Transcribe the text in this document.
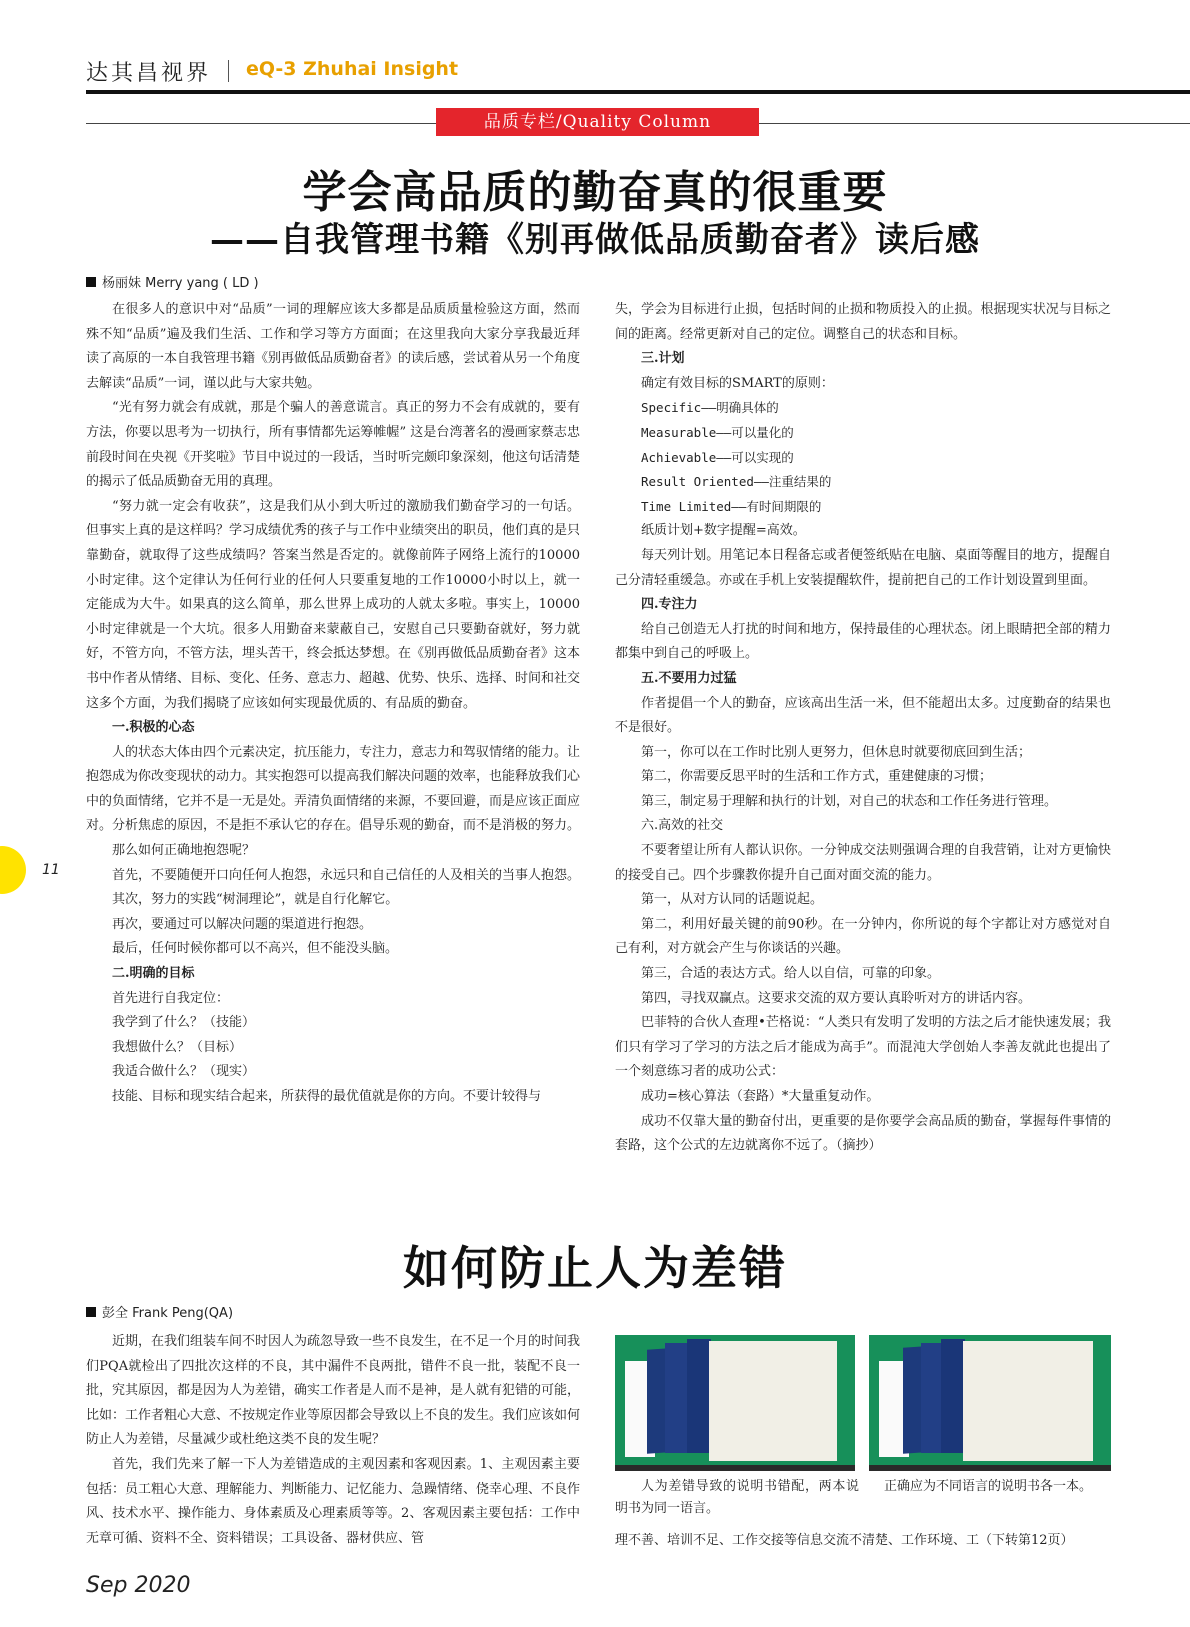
达其昌视界 eQ-3 Zhuhai Insight
品质专栏/Quality Column
学会高品质的勤奋真的很重要
——自我管理书籍《别再做低品质勤奋者》读后感
杨丽妹 Merry yang ( LD )

在很多人的意识中对“品质”一词的理解应该大多都是品质质量检验这方面，然而殊不知“品质”遍及我们生活、工作和学习等方方面面；在这里我向大家分享我最近拜读了高原的一本自我管理书籍《别再做低品质勤奋者》的读后感，尝试着从另一个角度去解读“品质”一词，谨以此与大家共勉。

“光有努力就会有成就，那是个骗人的善意谎言。真正的努力不会有成就的，要有方法，你要以思考为一切执行，所有事情都先运筹帷幄” 这是台湾著名的漫画家蔡志忠前段时间在央视《开奖啦》节目中说过的一段话，当时听完颇印象深刻，他这句话清楚的揭示了低品质勤奋无用的真理。

“努力就一定会有收获”，这是我们从小到大听过的激励我们勤奋学习的一句话。但事实上真的是这样吗？学习成绩优秀的孩子与工作中业绩突出的职员，他们真的是只靠勤奋，就取得了这些成绩吗？答案当然是否定的。就像前阵子网络上流行的10000小时定律。这个定律认为任何行业的任何人只要重复地的工作10000小时以上，就一定能成为大牛。如果真的这么简单，那么世界上成功的人就太多啦。事实上，10000小时定律就是一个大坑。很多人用勤奋来蒙蔽自己，安慰自己只要勤奋就好，努力就好，不管方向，不管方法，埋头苦干，终会抵达梦想。在《别再做低品质勤奋者》这本书中作者从情绪、目标、变化、任务、意志力、超越、优势、快乐、选择、时间和社交这多个方面，为我们揭晓了应该如何实现最优质的、有品质的勤奋。

一.积极的心态

人的状态大体由四个元素决定，抗压能力，专注力，意志力和驾驭情绪的能力。让抱怨成为你改变现状的动力。其实抱怨可以提高我们解决问题的效率，也能释放我们心中的负面情绪，它并不是一无是处。弄清负面情绪的来源，不要回避，而是应该正面应对。分析焦虑的原因，不是拒不承认它的存在。倡导乐观的勤奋，而不是消极的努力。

那么如何正确地抱怨呢？

首先，不要随便开口向任何人抱怨，永远只和自己信任的人及相关的当事人抱怨。

其次，努力的实践“树洞理论”，就是自行化解它。

再次，要通过可以解决问题的渠道进行抱怨。

最后，任何时候你都可以不高兴，但不能没头脑。

二.明确的目标

首先进行自我定位：

我学到了什么？（技能）

我想做什么？（目标）

我适合做什么？（现实）

技能、目标和现实结合起来，所获得的最优值就是你的方向。不要计较得与

失，学会为目标进行止损，包括时间的止损和物质投入的止损。根据现实状况与目标之间的距离。经常更新对自己的定位。调整自己的状态和目标。

三.计划

确定有效目标的SMART的原则：

Specific——明确具体的

Measurable——可以量化的

Achievable——可以实现的

Result Oriented——注重结果的

Time Limited——有时间期限的

纸质计划+数字提醒=高效。

每天列计划。用笔记本日程备忘或者便签纸贴在电脑、桌面等醒目的地方，提醒自己分清轻重缓急。亦或在手机上安装提醒软件，提前把自己的工作计划设置到里面。

四.专注力

给自己创造无人打扰的时间和地方，保持最佳的心理状态。闭上眼睛把全部的精力都集中到自己的呼吸上。

五.不要用力过猛

作者提倡一个人的勤奋，应该高出生活一米，但不能超出太多。过度勤奋的结果也不是很好。

第一，你可以在工作时比别人更努力，但休息时就要彻底回到生活；

第二，你需要反思平时的生活和工作方式，重建健康的习惯；

第三，制定易于理解和执行的计划，对自己的状态和工作任务进行管理。

六.高效的社交

不要奢望让所有人都认识你。一分钟成交法则强调合理的自我营销，让对方更愉快的接受自己。四个步骤教你提升自己面对面交流的能力。

第一，从对方认同的话题说起。

第二，利用好最关键的前90秒。在一分钟内，你所说的每个字都让对方感觉对自己有利，对方就会产生与你谈话的兴趣。

第三，合适的表达方式。给人以自信，可靠的印象。

第四，寻找双赢点。这要求交流的双方要认真聆听对方的讲话内容。

巴菲特的合伙人查理•芒格说：“人类只有发明了发明的方法之后才能快速发展；我们只有学习了学习的方法之后才能成为高手”。而混沌大学创始人李善友就此也提出了一个刻意练习者的成功公式：

成功=核心算法（套路）*大量重复动作。

成功不仅靠大量的勤奋付出，更重要的是你要学会高品质的勤奋，掌握每件事情的套路，这个公式的左边就离你不远了。（摘抄）

11
如何防止人为差错
彭全 Frank Peng(QA)

近期，在我们组装车间不时因人为疏忽导致一些不良发生，在不足一个月的时间我们PQA就检出了四批次这样的不良，其中漏件不良两批，错件不良一批，装配不良一批，究其原因，都是因为人为差错，确实工作者是人而不是神，是人就有犯错的可能，比如：工作者粗心大意、不按规定作业等原因都会导致以上不良的发生。我们应该如何防止人为差错，尽量减少或杜绝这类不良的发生呢？

首先，我们先来了解一下人为差错造成的主观因素和客观因素。1、主观因素主要包括：员工粗心大意、理解能力、判断能力、记忆能力、急躁情绪、侥幸心理、不良作风、技术水平、操作能力、身体素质及心理素质等等。2、客观因素主要包括：工作中无章可循、资料不全、资料错误；工具设备、器材供应、管

人为差错导致的说明书错配，两本说明书为同一语言。
正确应为不同语言的说明书各一本。
理不善、培训不足、工作交接等信息交流不清楚、工作环境、工（下转第12页）
Sep 2020
